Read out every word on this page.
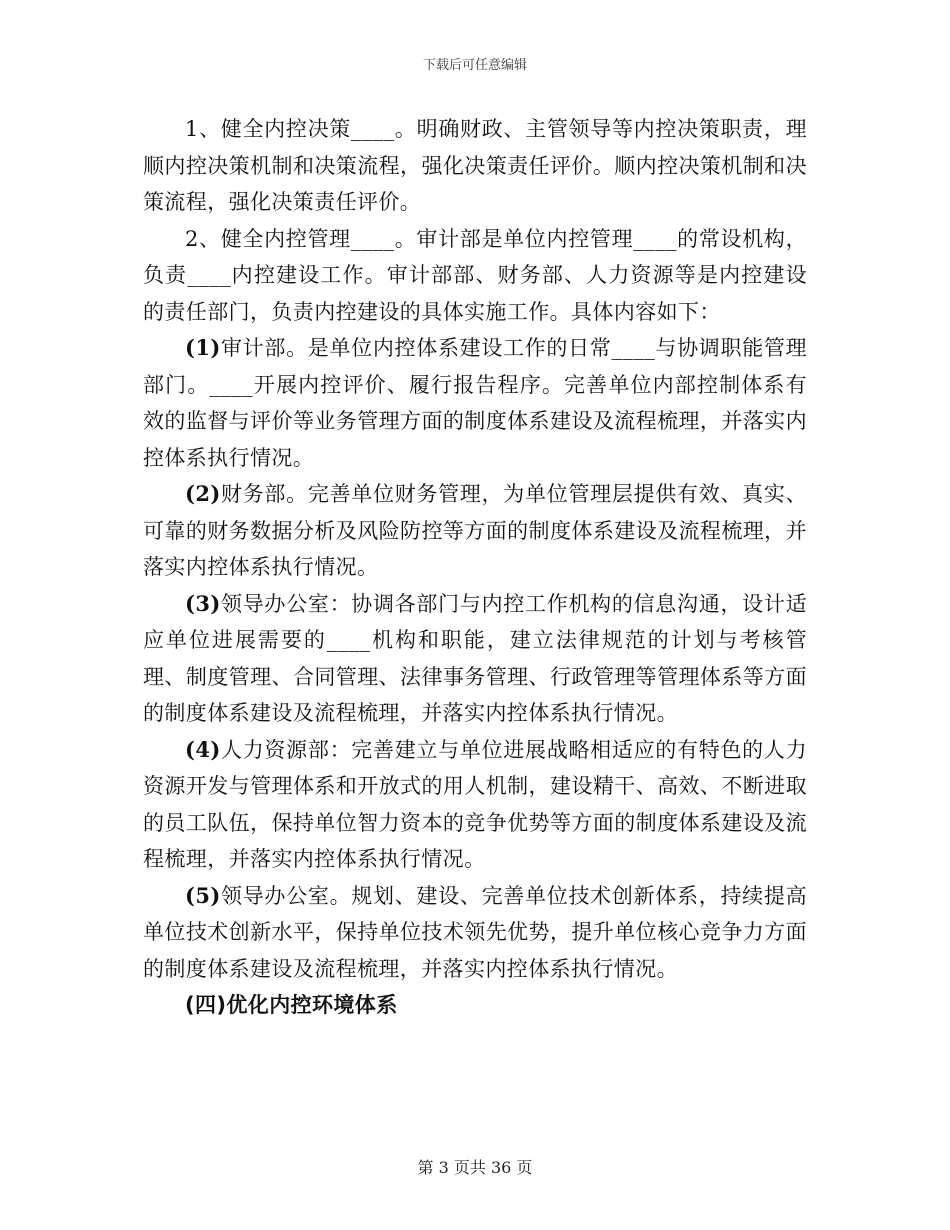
下载后可任意编辑

1、健全内控决策____。明确财政、主管领导等内控决策职责，理顺内控决策机制和决策流程，强化决策责任评价。顺内控决策机制和决策流程，强化决策责任评价。

2、健全内控管理____。审计部是单位内控管理____的常设机构，负责____内控建设工作。审计部部、财务部、人力资源等是内控建设的责任部门，负责内控建设的具体实施工作。具体内容如下：

(1)审计部。是单位内控体系建设工作的日常____与协调职能管理部门。____开展内控评价、履行报告程序。完善单位内部控制体系有效的监督与评价等业务管理方面的制度体系建设及流程梳理，并落实内控体系执行情况。

(2)财务部。完善单位财务管理，为单位管理层提供有效、真实、可靠的财务数据分析及风险防控等方面的制度体系建设及流程梳理，并落实内控体系执行情况。

(3)领导办公室：协调各部门与内控工作机构的信息沟通，设计适应单位进展需要的____机构和职能，建立法律规范的计划与考核管理、制度管理、合同管理、法律事务管理、行政管理等管理体系等方面的制度体系建设及流程梳理，并落实内控体系执行情况。

(4)人力资源部：完善建立与单位进展战略相适应的有特色的人力资源开发与管理体系和开放式的用人机制，建设精干、高效、不断进取的员工队伍，保持单位智力资本的竞争优势等方面的制度体系建设及流程梳理，并落实内控体系执行情况。

(5)领导办公室。规划、建设、完善单位技术创新体系，持续提高单位技术创新水平，保持单位技术领先优势，提升单位核心竞争力方面的制度体系建设及流程梳理，并落实内控体系执行情况。

(四)优化内控环境体系

第 3 页共 36 页
